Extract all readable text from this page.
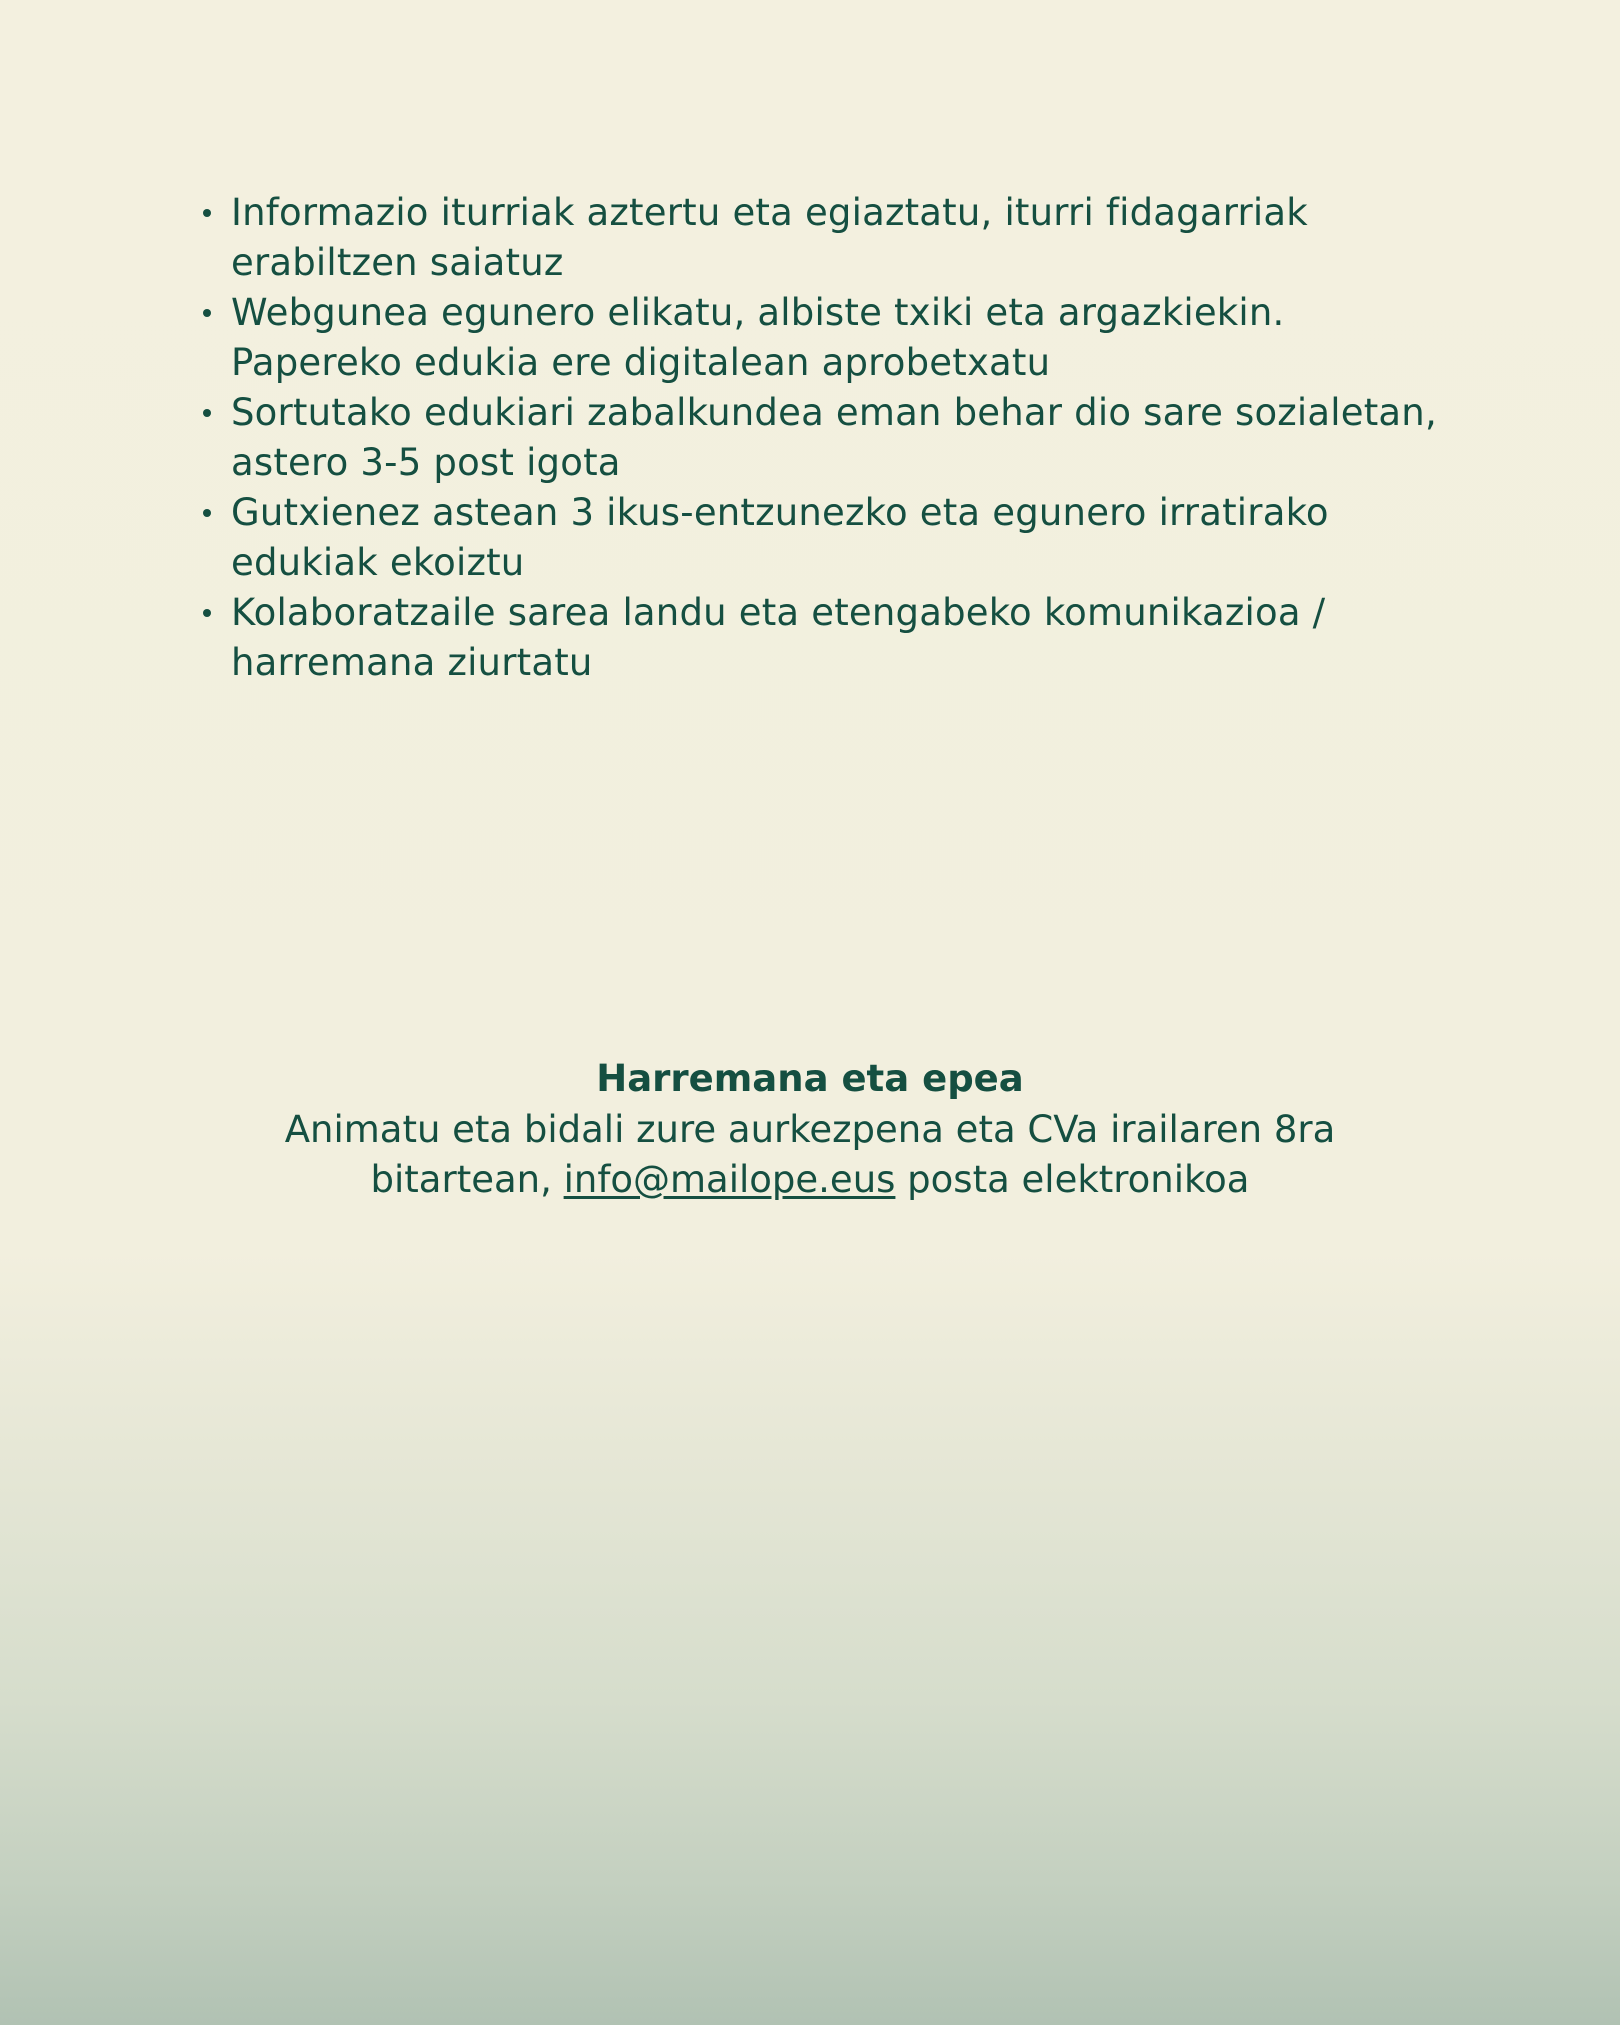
Informazio iturriak aztertu eta egiaztatu, iturri fidagarriak erabiltzen saiatuz
Webgunea egunero elikatu, albiste txiki eta argazkiekin. Papereko edukia ere digitalean aprobetxatu
Sortutako edukiari zabalkundea eman behar dio sare sozialetan, astero 3-5 post igota
Gutxienez astean 3 ikus-entzunezko eta egunero irratirako edukiak ekoiztu
Kolaboratzaile sarea landu eta etengabeko komunikazioa / harremana ziurtatu
Harremana eta epea
Animatu eta bidali zure aurkezpena eta CVa irailaren 8ra bitartean, info@mailope.eus posta elektronikoa
